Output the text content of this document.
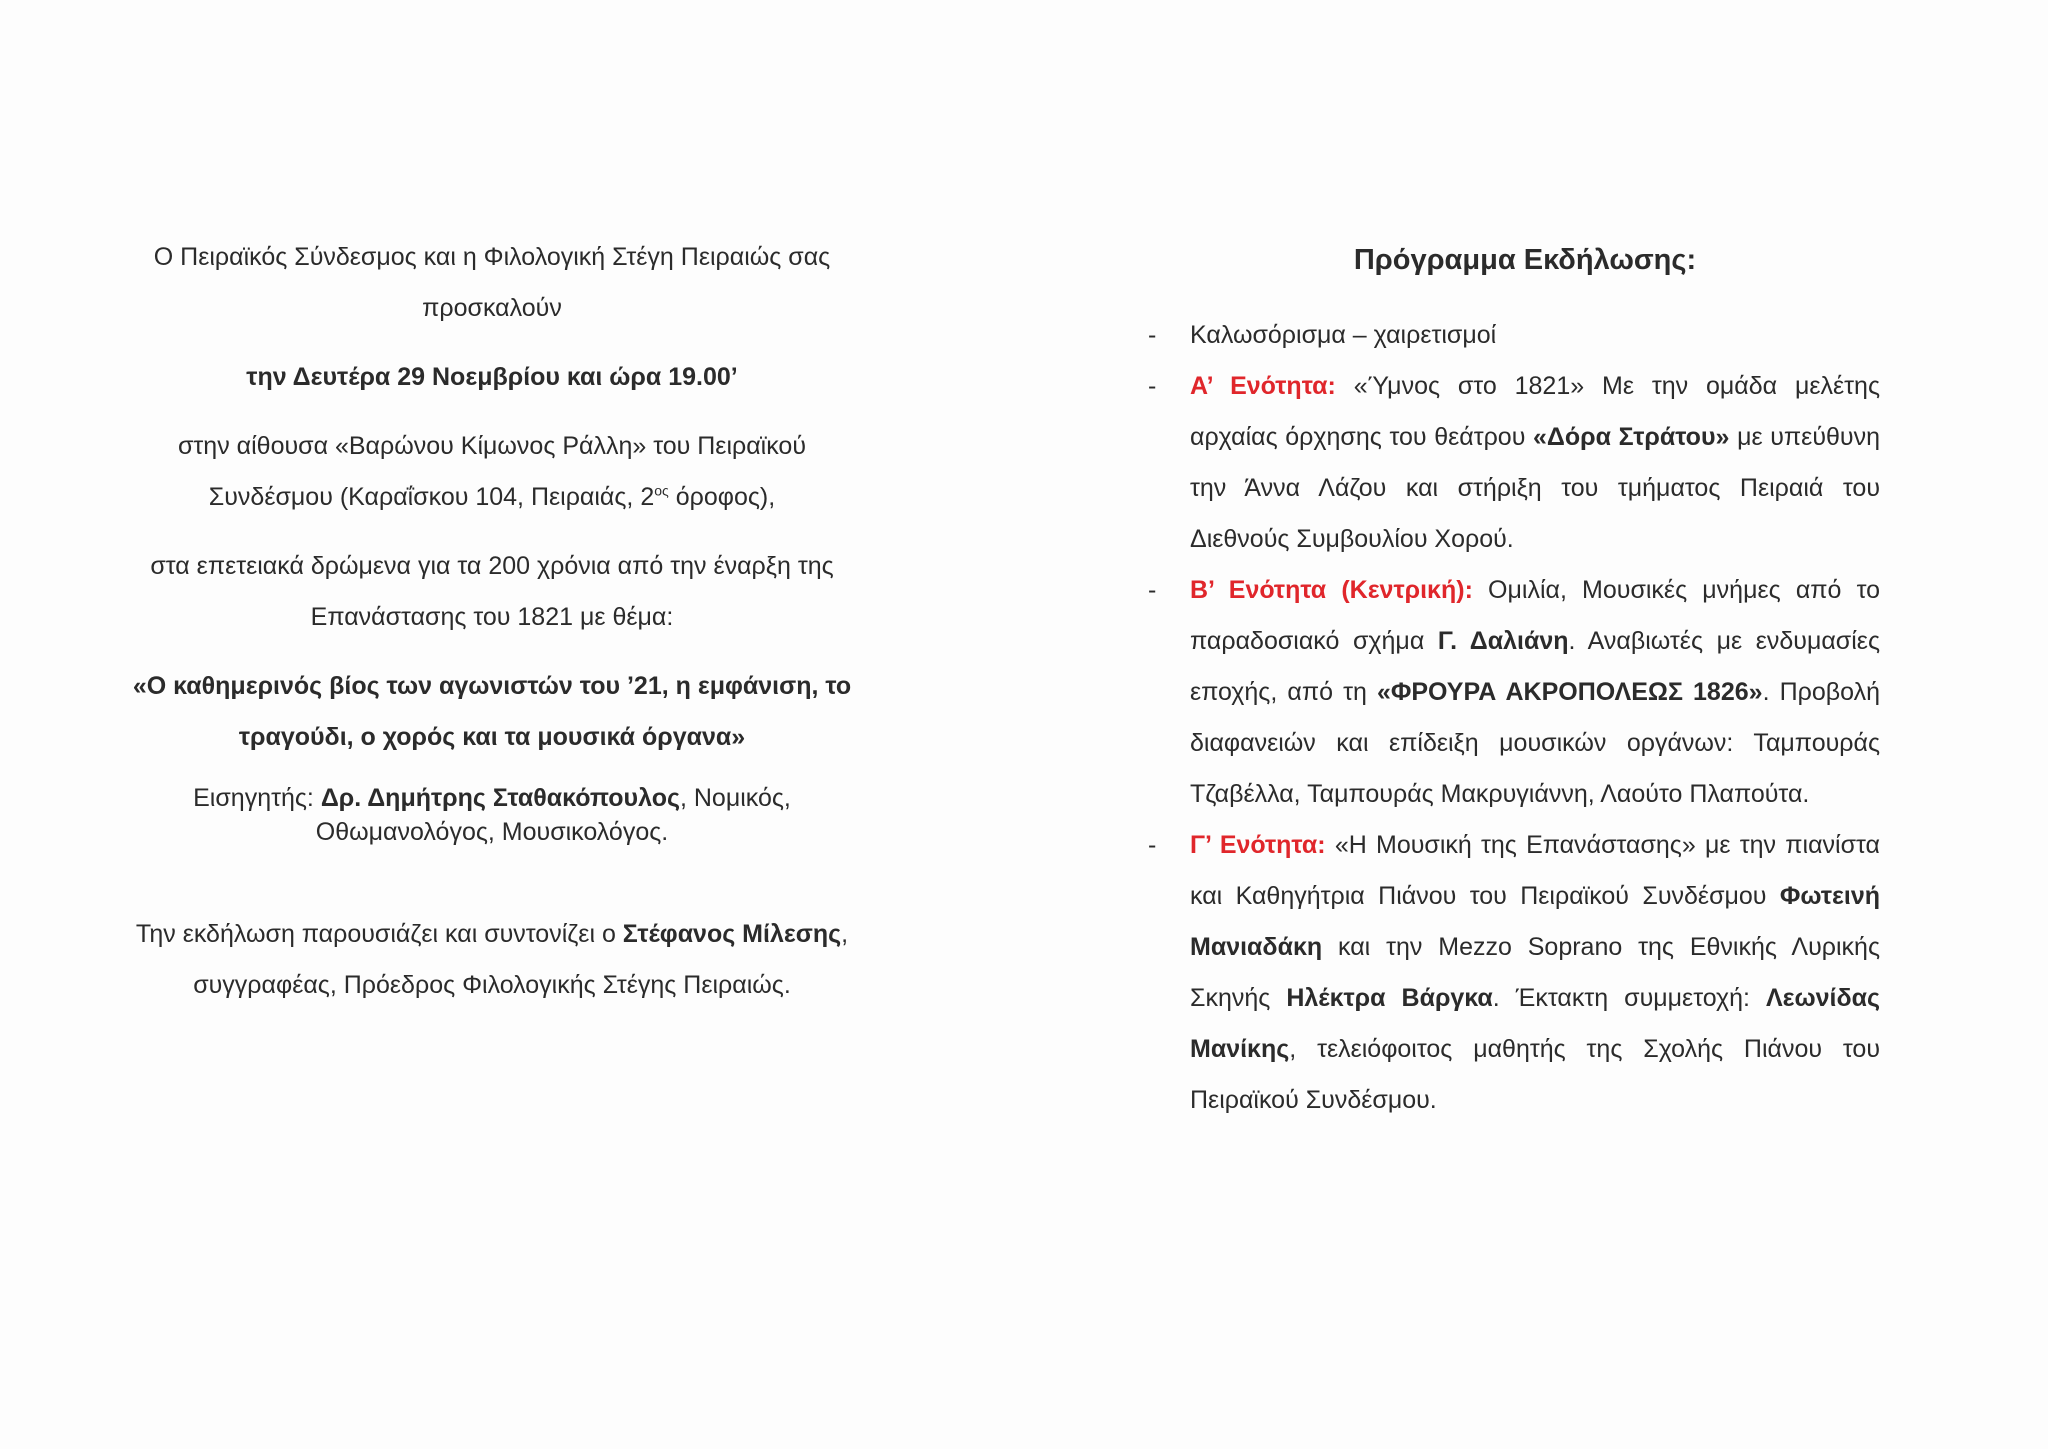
Ο Πειραϊκός Σύνδεσμος και η Φιλολογική Στέγη Πειραιώς σας

προσκαλούν

την Δευτέρα 29 Νοεμβρίου και ώρα 19.00’

στην αίθουσα «Βαρώνου Κίμωνος Ράλλη» του Πειραϊκού

Συνδέσμου (Καραΐσκου 104, Πειραιάς, $2^{o\varsigma}$ όροφος),

στα επετειακά δρώμενα για τα 200 χρόνια από την έναρξη της

Επανάστασης του 1821 με θέμα:

«Ο καθημερινός βίος των αγωνιστών του ’21, η εμφάνιση, το

τραγούδι, ο χορός και τα μουσικά όργανα»

Εισηγητής: Δρ. Δημήτρης Σταθακόπουλος, Νομικός,

Οθωμανολόγος, Μουσικολόγος.

Την εκδήλωση παρουσιάζει και συντονίζει ο Στέφανος Μίλεσης,

συγγραφέας, Πρόεδρος Φιλολογικής Στέγης Πειραιώς.

Πρόγραμμα Εκδήλωσης:
- Καλωσόρισμα – χαιρετισμοί
- Α’ Ενότητα: «Ύμνος στο 1821» Με την ομάδα μελέτης αρχαίας όρχησης του θεάτρου «Δόρα Στράτου» με υπεύθυνη την Άννα Λάζου και στήριξη του τμήματος Πειραιά του Διεθνούς Συμβουλίου Χορού.
- Β’ Ενότητα (Κεντρική): Ομιλία, Μουσικές μνήμες από το παραδοσιακό σχήμα Γ. Δαλιάνη. Αναβιωτές με ενδυμασίες εποχής, από τη «ΦΡΟΥΡΑ ΑΚΡΟΠΟΛΕΩΣ 1826». Προβολή διαφανειών και επίδειξη μουσικών οργάνων: Ταμπουράς Τζαβέλλα, Ταμπουράς Μακρυγιάννη, Λαούτο Πλαπούτα.
- Γ’ Ενότητα: «Η Μουσική της Επανάστασης» με την πιανίστα και Καθηγήτρια Πιάνου του Πειραϊκού Συνδέσμου Φωτεινή Μανιαδάκη και την Mezzo Soprano της Εθνικής Λυρικής Σκηνής Ηλέκτρα Βάργκα. Έκτακτη συμμετοχή: Λεωνίδας Μανίκης, τελειόφοιτος μαθητής της Σχολής Πιάνου του Πειραϊκού Συνδέσμου.
